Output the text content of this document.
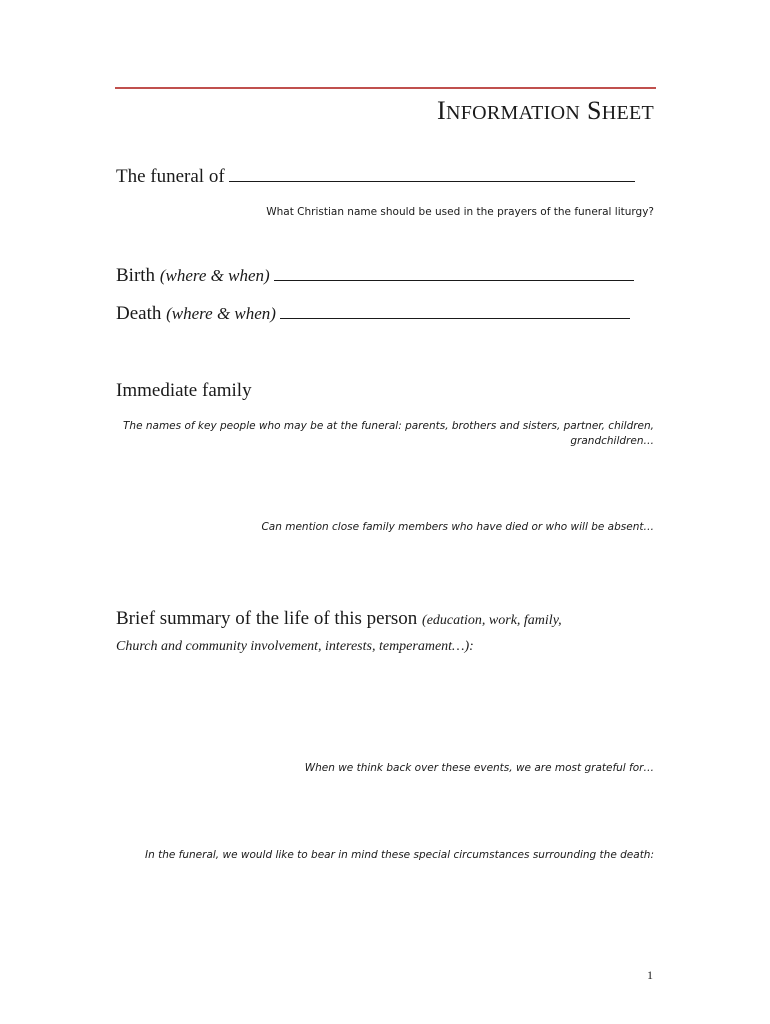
INFORMATION SHEET
The funeral of
What Christian name should be used in the prayers of the funeral liturgy?
Birth (where & when)
Death (where & when)
Immediate family
The names of key people who may be at the funeral: parents, brothers and sisters, partner, children,
grandchildren…
Can mention close family members who have died or who will be absent…
Brief summary of the life of this person (education, work, family,
Church and community involvement, interests, temperament…):
When we think back over these events, we are most grateful for…
In the funeral, we would like to bear in mind these special circumstances surrounding the death:
1
